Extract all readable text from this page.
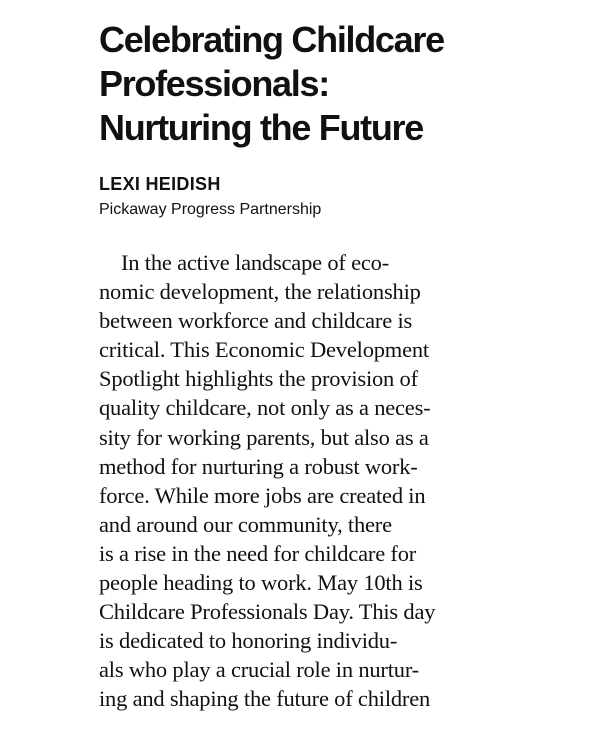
Celebrating Childcare
Professionals:
Nurturing the Future
LEXI HEIDISH
Pickaway Progress Partnership
In the active landscape of eco-
nomic development, the relationship
between workforce and childcare is
critical. This Economic Development
Spotlight highlights the provision of
quality childcare, not only as a neces-
sity for working parents, but also as a
method for nurturing a robust work-
force. While more jobs are created in
and around our community, there
is a rise in the need for childcare for
people heading to work. May 10th is
Childcare Professionals Day. This day
is dedicated to honoring individu-
als who play a crucial role in nurtur-
ing and shaping the future of children
